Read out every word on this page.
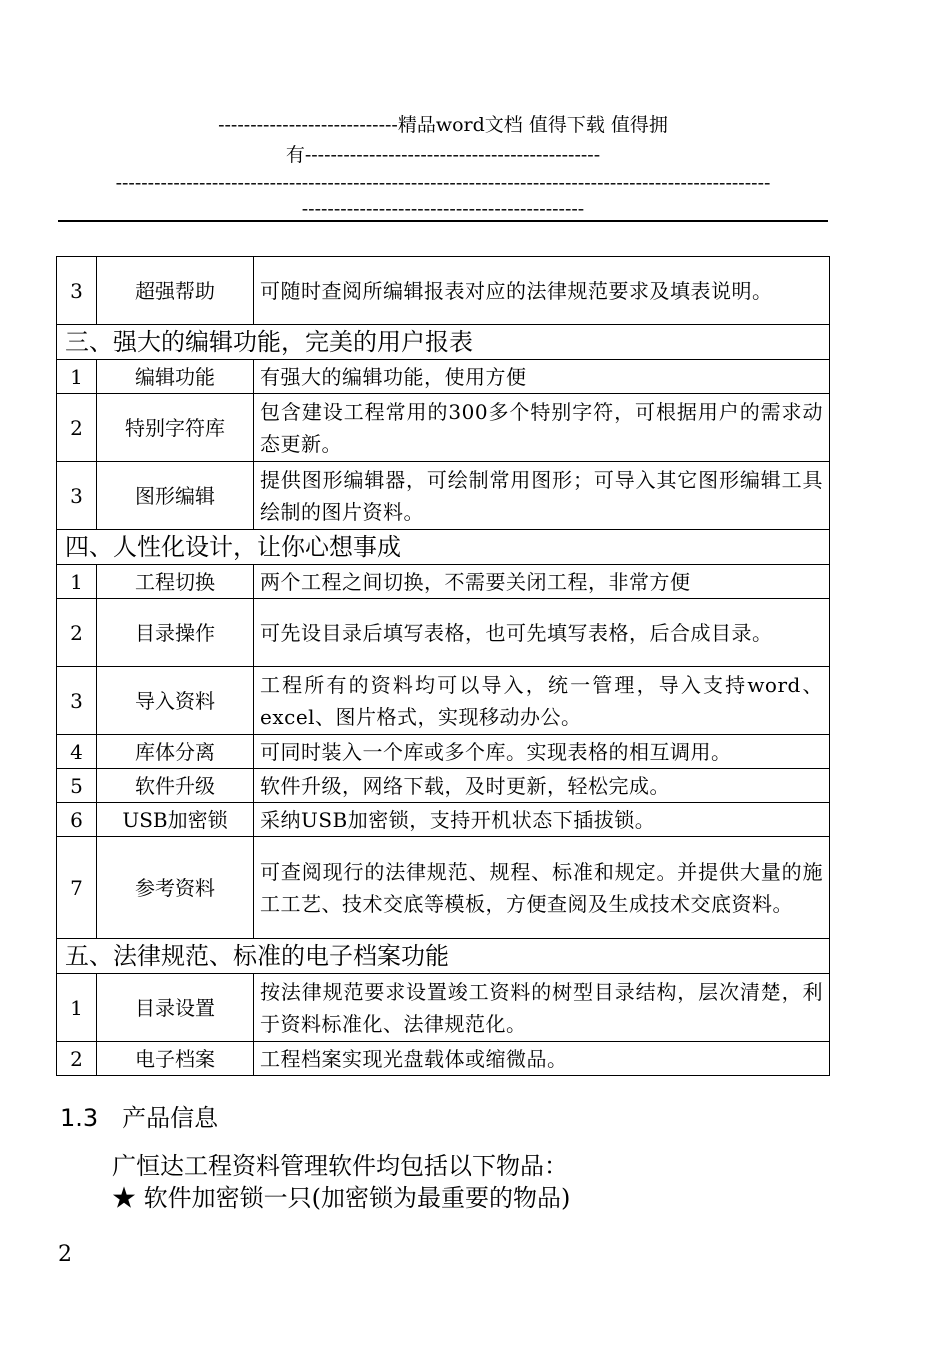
----------------------------精品word文档 值得下载 值得拥
有----------------------------------------------
------------------------------------------------------------------------------------------------------
--------------------------------------------
3	超强帮助	可随时查阅所编辑报表对应的法律规范要求及填表说明。
三、强大的编辑功能，完美的用户报表		
1	编辑功能	有强大的编辑功能，使用方便
2	特别字符库	包含建设工程常用的300多个特别字符，可根据用户的需求动态更新。
3	图形编辑	提供图形编辑器，可绘制常用图形；可导入其它图形编辑工具绘制的图片资料。
四、人性化设计，让你心想事成		
1	工程切换	两个工程之间切换，不需要关闭工程，非常方便
2	目录操作	可先设目录后填写表格，也可先填写表格，后合成目录。
3	导入资料	工程所有的资料均可以导入，统一管理，导入支持word、excel、图片格式，实现移动办公。
4	库体分离	可同时装入一个库或多个库。实现表格的相互调用。
5	软件升级	软件升级，网络下载，及时更新，轻松完成。
6	USB加密锁	采纳USB加密锁，支持开机状态下插拔锁。
7	参考资料	可查阅现行的法律规范、规程、标准和规定。并提供大量的施工工艺、技术交底等模板，方便查阅及生成技术交底资料。
五、法律规范、标准的电子档案功能		
1	目录设置	按法律规范要求设置竣工资料的树型目录结构，层次清楚，利于资料标准化、法律规范化。
2	电子档案	工程档案实现光盘载体或缩微品。
1.3 产品信息
广恒达工程资料管理软件均包括以下物品：
★ 软件加密锁一只(加密锁为最重要的物品)
2
